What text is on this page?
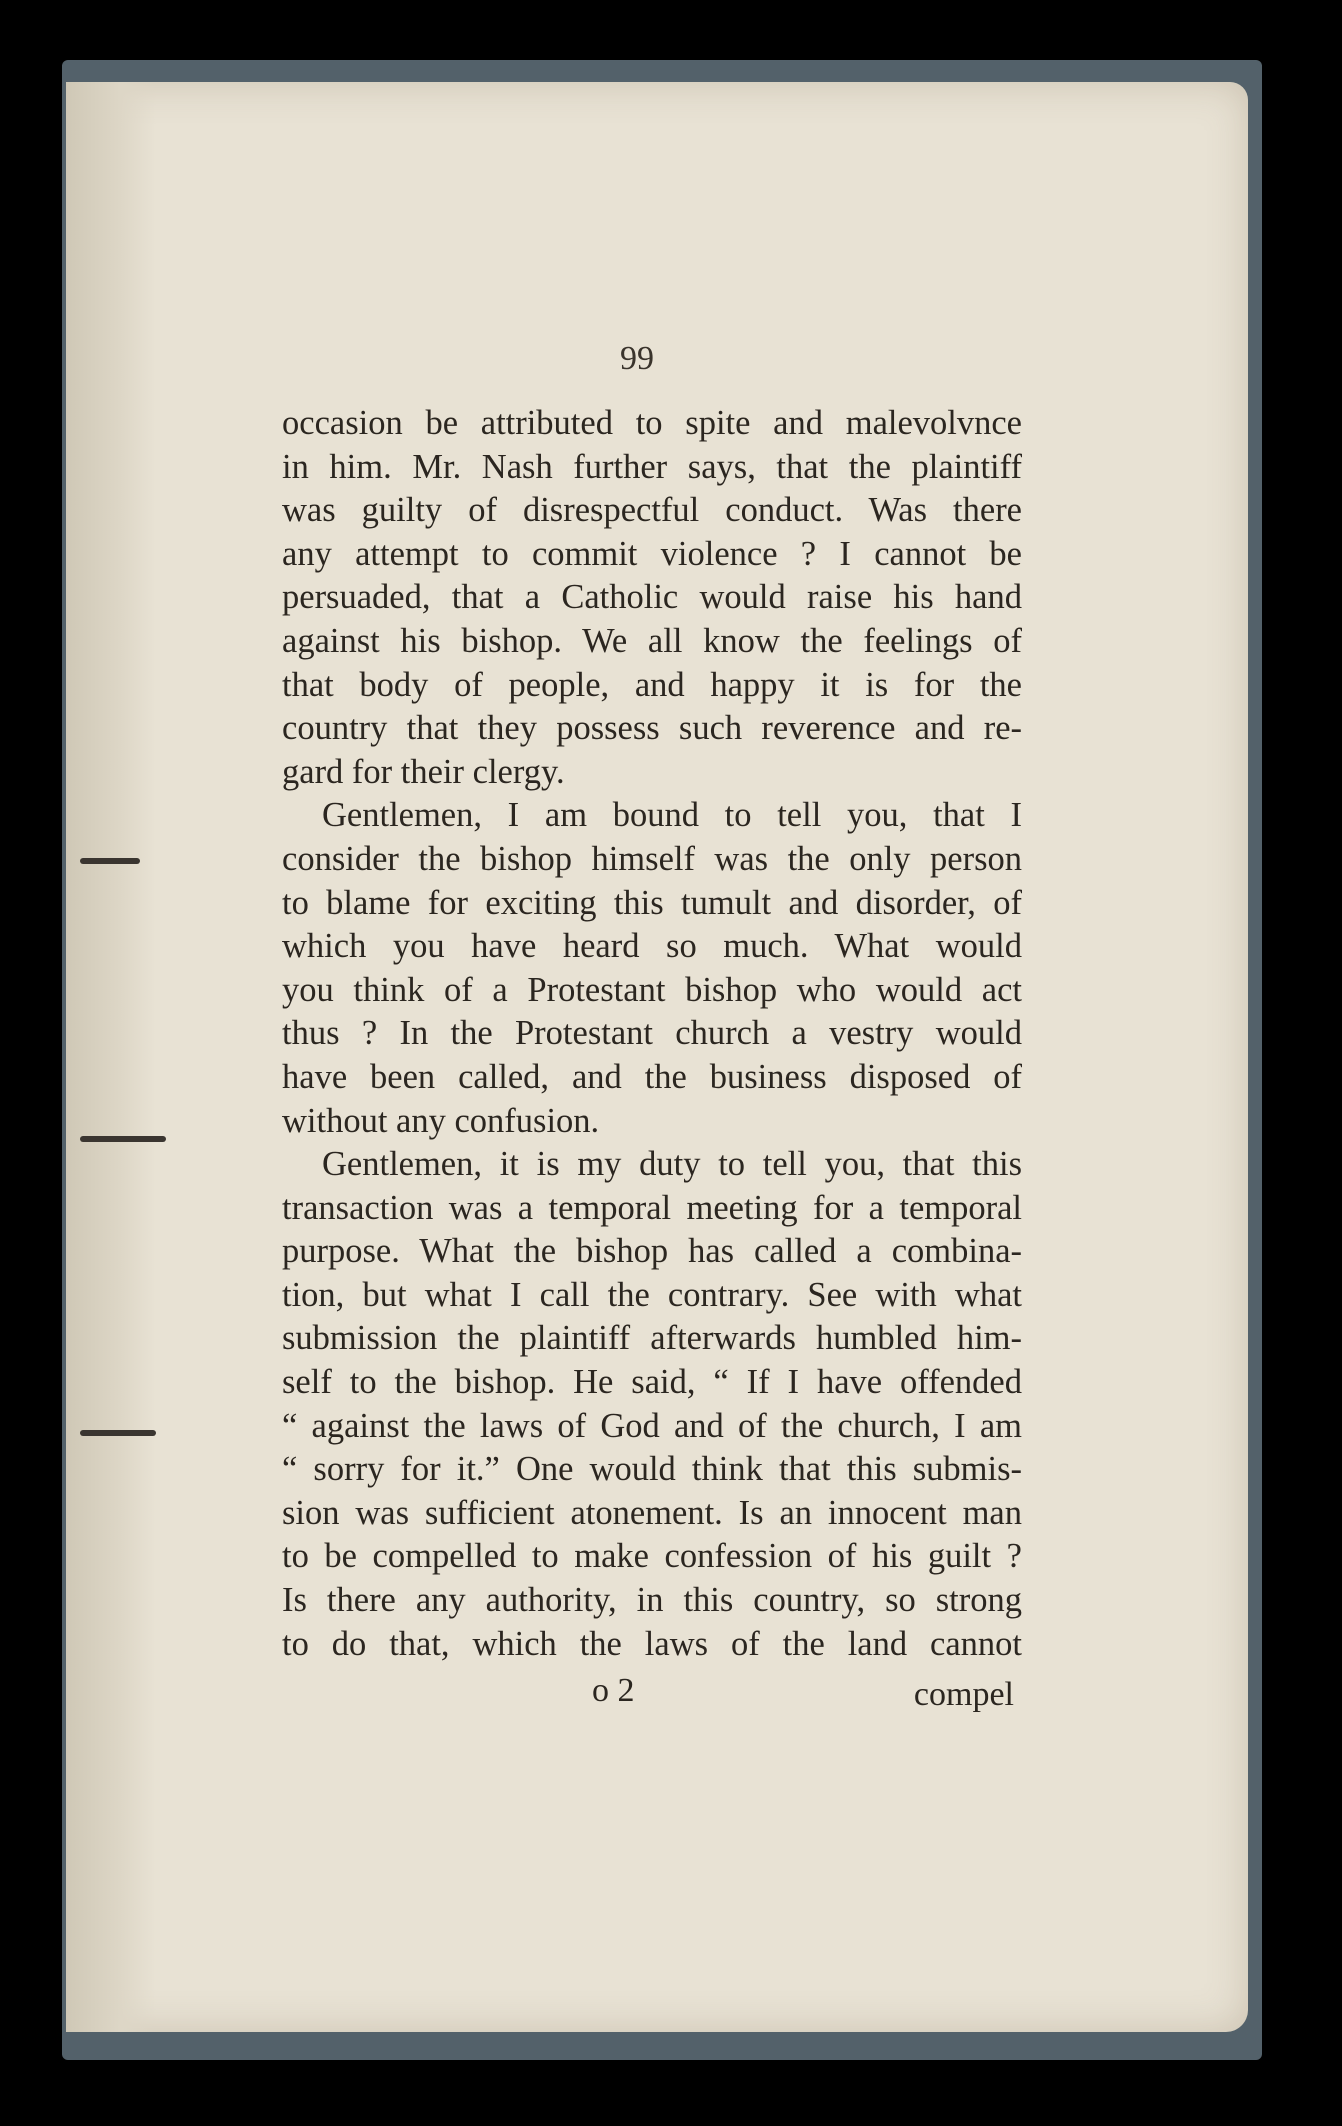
99
occasion be attributed to spite and malevolvnce
in him. Mr. Nash further says, that the plaintiff
was guilty of disrespectful conduct. Was there
any attempt to commit violence ? I cannot be
persuaded, that a Catholic would raise his hand
against his bishop. We all know the feelings of
that body of people, and happy it is for the
country that they possess such reverence and re-
gard for their clergy.
Gentlemen, I am bound to tell you, that I
consider the bishop himself was the only person
to blame for exciting this tumult and disorder, of
which you have heard so much. What would
you think of a Protestant bishop who would act
thus ? In the Protestant church a vestry would
have been called, and the business disposed of
without any confusion.
Gentlemen, it is my duty to tell you, that this
transaction was a temporal meeting for a temporal
purpose. What the bishop has called a combina-
tion, but what I call the contrary. See with what
submission the plaintiff afterwards humbled him-
self to the bishop. He said, “ If I have offended
“ against the laws of God and of the church, I am
“ sorry for it.” One would think that this submis-
sion was sufficient atonement. Is an innocent man
to be compelled to make confession of his guilt ?
Is there any authority, in this country, so strong
to do that, which the laws of the land cannot
o 2	compel
